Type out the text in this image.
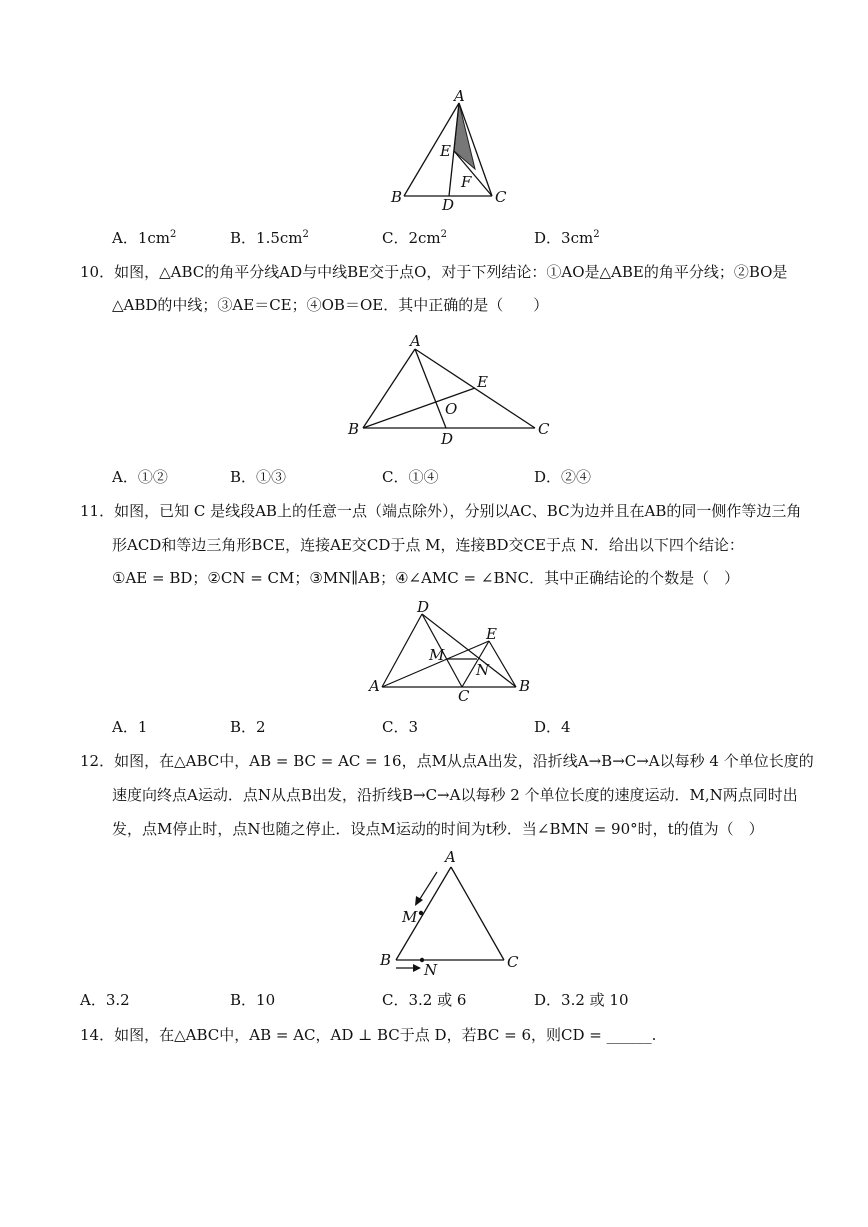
A
E
F
B	D	C
A．$1cm^2$	B．$1.5cm^2$	C．$2cm^2$	D．$3cm^2$
10．如图，△ABC的角平分线AD与中线BE交于点O，对于下列结论：①AO是△ABE的角平分线；②BO是
△ABD的中线；③AE＝CE；④OB＝OE．其中正确的是（　　）
A
E
O
B
D
C
A．①②	B．①③	C．①④	D．②④
11．如图，已知 C 是线段AB上的任意一点（端点除外），分别以AC、BC为边并且在AB的同一侧作等边三角
形ACD和等边三角形BCE，连接AE交CD于点 M，连接BD交CE于点 N．给出以下四个结论：
①AE = BD；②CN = CM；③MN∥AB；④∠AMC = ∠BNC．其中正确结论的个数是（　）
D
E
M
N
A
C
B
A．1	B．2	C．3	D．4
12．如图，在△ABC中，AB = BC = AC = 16，点M从点A出发，沿折线A→B→C→A以每秒 4 个单位长度的
速度向终点A运动．点N从点B出发，沿折线B→C→A以每秒 2 个单位长度的速度运动．M,N两点同时出
发，点M停止时，点N也随之停止．设点M运动的时间为t秒．当∠BMN = 90°时，t的值为（　）
A
M
B
N	C
A．3.2	B．10	C．3.2 或 6	D．3.2 或 10
14．如图，在△ABC中，AB = AC，AD ⊥ BC于点 D，若BC = 6，则CD = ______.
